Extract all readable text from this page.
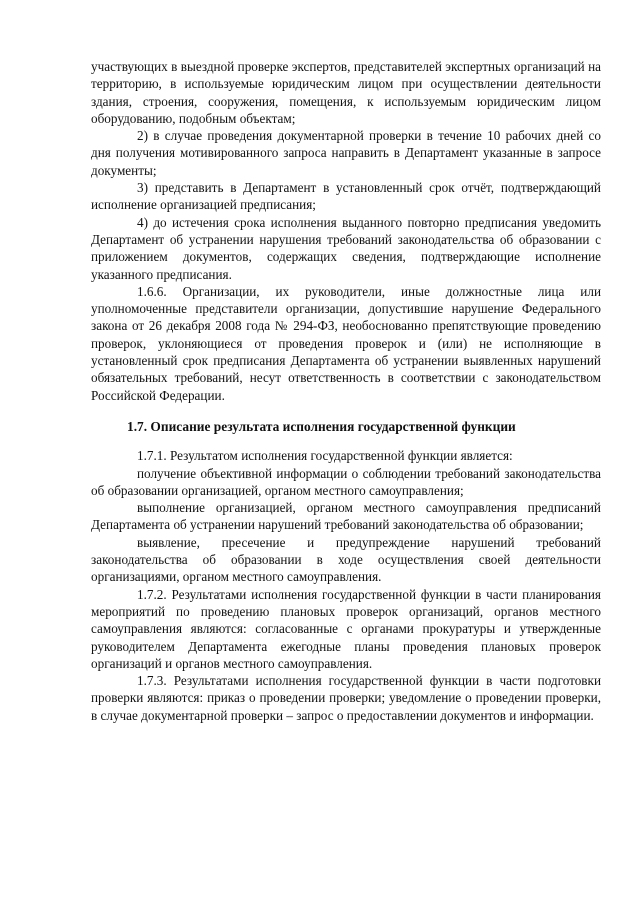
участвующих в выездной проверке экспертов, представителей экспертных организаций на территорию, в используемые юридическим лицом при осуществлении деятельности здания, строения, сооружения, помещения, к используемым юридическим лицом оборудованию, подобным объектам;

2) в случае проведения документарной проверки в течение 10 рабочих дней со дня получения мотивированного запроса направить в Департамент указанные в запросе документы;

3) представить в Департамент в установленный срок отчёт, подтверждающий исполнение организацией предписания;

4) до истечения срока исполнения выданного повторно предписания уведомить Департамент об устранении нарушения требований законодательства об образовании с приложением документов, содержащих сведения, подтверждающие исполнение указанного предписания.

1.6.6. Организации, их руководители, иные должностные лица или уполномоченные представители организации, допустившие нарушение Федерального закона от 26 декабря 2008 года № 294-ФЗ, необоснованно препятствующие проведению проверок, уклоняющиеся от проведения проверок и (или) не исполняющие в установленный срок предписания Департамента об устранении выявленных нарушений обязательных требований, несут ответственность в соответствии с законодательством Российской Федерации.

1.7. Описание результата исполнения государственной функции

1.7.1. Результатом исполнения государственной функции является:

получение объективной информации о соблюдении требований законодательства об образовании организацией, органом местного самоуправления;

выполнение организацией, органом местного самоуправления предписаний Департамента об устранении нарушений требований законодательства об образовании;

выявление, пресечение и предупреждение нарушений требований законодательства об образовании в ходе осуществления своей деятельности организациями, органом местного самоуправления.

1.7.2. Результатами исполнения государственной функции в части планирования мероприятий по проведению плановых проверок организаций, органов местного самоуправления являются: согласованные с органами прокуратуры и утвержденные руководителем Департамента ежегодные планы проведения плановых проверок организаций и органов местного самоуправления.

1.7.3. Результатами исполнения государственной функции в части подготовки проверки являются: приказ о проведении проверки; уведомление о проведении проверки, в случае документарной проверки – запрос о предоставлении документов и информации.
